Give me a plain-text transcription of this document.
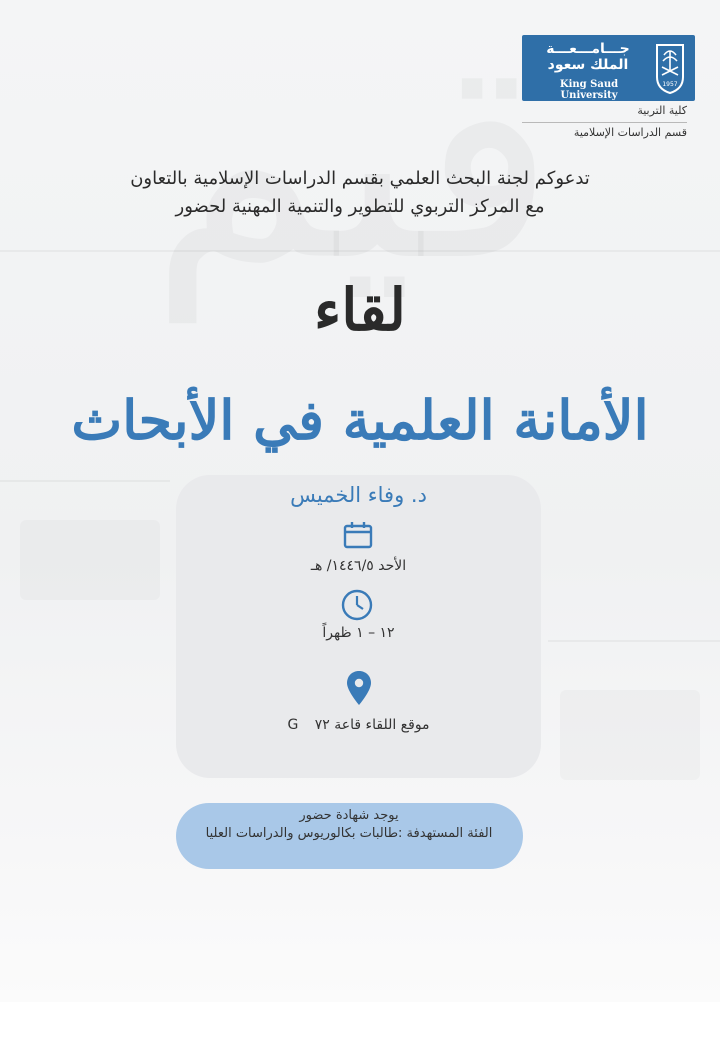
جـــامـــعـــة
الملك سعود
King Saud University
1957
كلية التربية
قسم الدراسات الإسلامية
تدعوكم لجنة البحث العلمي بقسم الدراسات الإسلامية بالتعاون
مع المركز التربوي للتطوير والتنمية المهنية لحضور
لقاء
الأمانة العلمية في الأبحاث
د. وفاء الخميس
الأحد ١٤٤٦/٥/ هـ
١٢ – ١ ظهراً
موقع اللقاء قاعة ٧٢ G
يوجد شهادة حضور
الفئة المستهدفة :طالبات بكالوريوس والدراسات العليا
